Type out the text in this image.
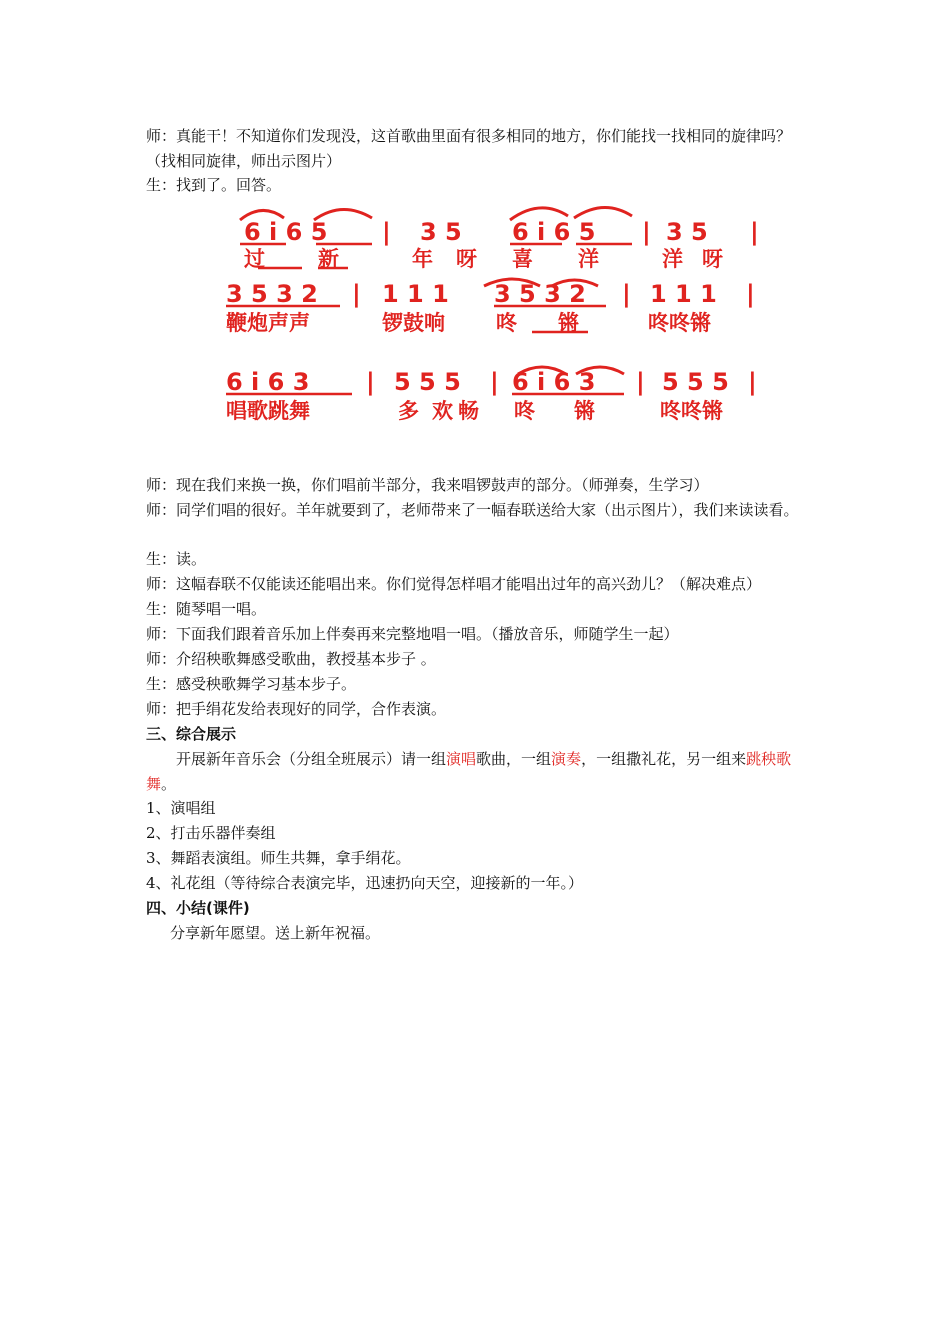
师：真能干！不知道你们发现没，这首歌曲里面有很多相同的地方，你们能找一找相同的旋律吗？（找相同旋律，师出示图片）

生：找到了。回答。

6 i 6 5 | 3 5 6 i 6 5 | 3 5 |
过	新	年 呀 喜 洋	洋 呀
3 5 3 2 | 1 1 1 3 5 3 2 | 1 1 1 |
鞭炮声声	锣鼓响 咚 锵	咚咚锵
6 i 6 3 | 5 5 5 | 6 i 6 3 | 5 5 5 |
唱歌跳舞	多 欢 畅 咚 锵	咚咚锵

师：现在我们来换一换，你们唱前半部分，我来唱锣鼓声的部分。（师弹奏，生学习）

师：同学们唱的很好。羊年就要到了，老师带来了一幅春联送给大家（出示图片），我们来读读看。

生：读。

师：这幅春联不仅能读还能唱出来。你们觉得怎样唱才能唱出过年的高兴劲儿？（解决难点）

生：随琴唱一唱。

师：下面我们跟着音乐加上伴奏再来完整地唱一唱。（播放音乐，师随学生一起）

师：介绍秧歌舞感受歌曲，教授基本步子 。

生：感受秧歌舞学习基本步子。

师：把手绢花发给表现好的同学，合作表演。

三、综合展示

开展新年音乐会（分组全班展示）请一组演唱歌曲，一组演奏，一组撒礼花，另一组来跳秧歌舞。

1、演唱组

2、打击乐器伴奏组

3、舞蹈表演组。师生共舞，拿手绢花。

4、礼花组（等待综合表演完毕，迅速扔向天空，迎接新的一年。）

四、小结(课件)

分享新年愿望。送上新年祝福。
